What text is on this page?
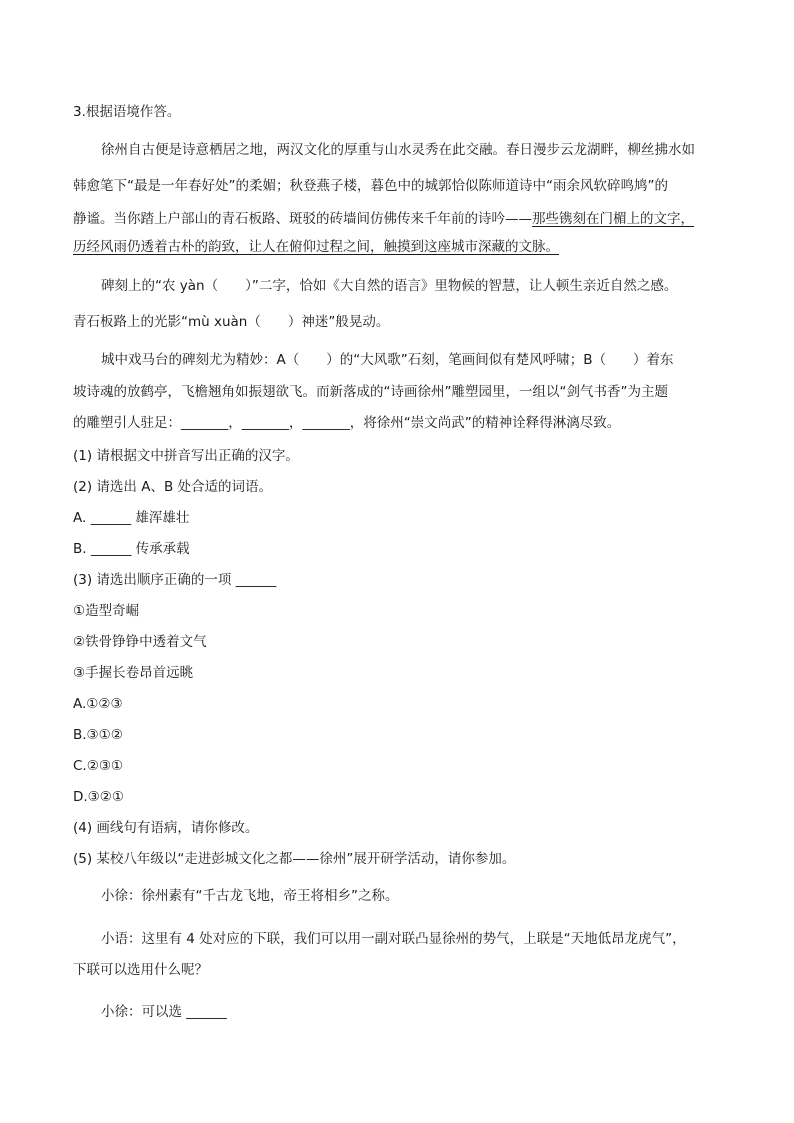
3.根据语境作答。
徐州自古便是诗意栖居之地，两汉文化的厚重与山水灵秀在此交融。春日漫步云龙湖畔，柳丝拂水如
韩愈笔下“最是一年春好处”的柔媚；秋登燕子楼，暮色中的城郭恰似陈师道诗中“雨余风软碎鸣鸠”的
静谧。当你踏上户部山的青石板路、斑驳的砖墙间仿佛传来千年前的诗吟——那些镌刻在门楣上的文字，
历经风雨仍透着古朴的韵致，让人在俯仰过程之间，触摸到这座城市深藏的文脉。
碑刻上的“农 yàn（　　）”二字，恰如《大自然的语言》里物候的智慧，让人顿生亲近自然之感。
青石板路上的光影“mù xuàn（　　）神迷”般晃动。
城中戏马台的碑刻尤为精妙：A（　　）的“大风歌”石刻，笔画间似有楚风呼啸；B（　　）着东
坡诗魂的放鹤亭，飞檐翘角如振翅欲飞。而新落成的“诗画徐州”雕塑园里，一组以“剑气书香”为主题
的雕塑引人驻足：_______，_______，_______，将徐州“崇文尚武”的精神诠释得淋漓尽致。
(1) 请根据文中拼音写出正确的汉字。
(2) 请选出 A、B 处合适的词语。
A. ______ 雄浑雄壮
B. ______ 传承承载
(3) 请选出顺序正确的一项 ______
①造型奇崛
②铁骨铮铮中透着文气
③手握长卷昂首远眺
A.①②③
B.③①②
C.②③①
D.③②①
(4) 画线句有语病，请你修改。
(5) 某校八年级以“走进彭城文化之都——徐州”展开研学活动，请你参加。
小徐：徐州素有“千古龙飞地，帝王将相乡”之称。
小语：这里有 4 处对应的下联，我们可以用一副对联凸显徐州的势气，上联是“天地低昂龙虎气”，
下联可以选用什么呢？
小徐：可以选 ______
